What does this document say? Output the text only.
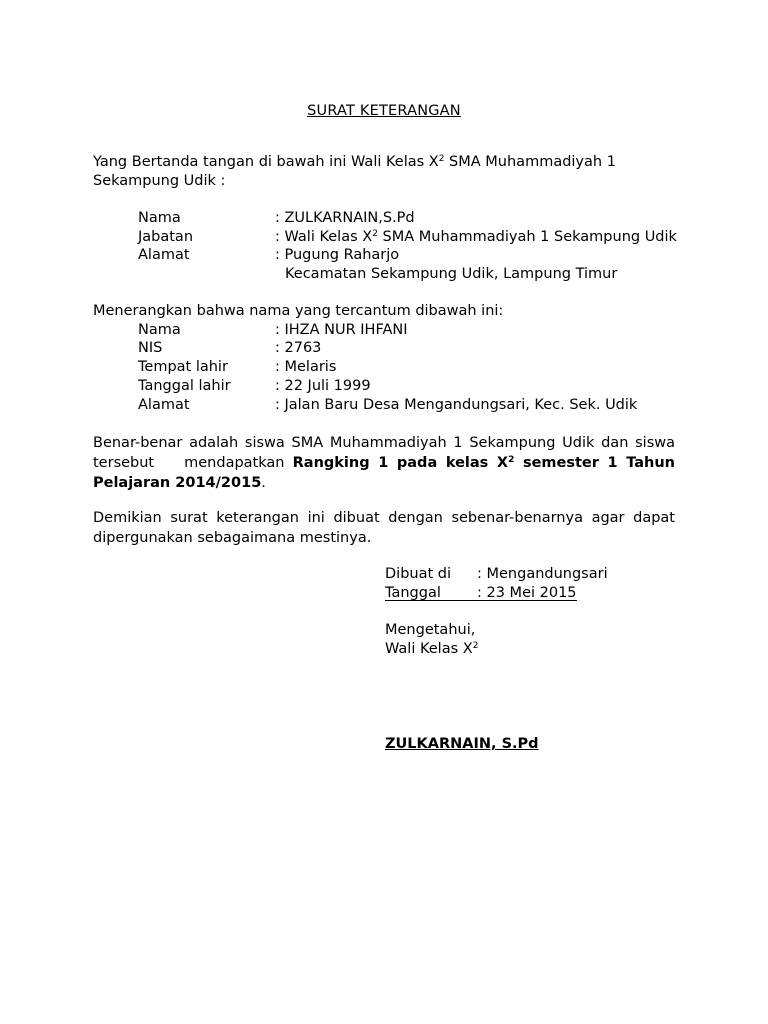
SURAT KETERANGAN
Yang Bertanda tangan di bawah ini Wali Kelas $X^2$ SMA Muhammadiyah 1
Sekampung Udik :
Nama	: ZULKARNAIN,S.Pd
Jabatan	: Wali Kelas $X^2$ SMA Muhammadiyah 1 Sekampung Udik
Alamat	: Pugung Raharjo
Kecamatan Sekampung Udik, Lampung Timur
Menerangkan bahwa nama yang tercantum dibawah ini:
Nama	: IHZA NUR IHFANI
NIS	: 2763
Tempat lahir	: Melaris
Tanggal lahir	: 22 Juli 1999
Alamat	: Jalan Baru Desa Mengandungsari, Kec. Sek. Udik
Benar-benar adalah siswa SMA Muhammadiyah 1 Sekampung Udik dan siswa tersebut mendapatkan Rangking 1 pada kelas $X^2$ semester 1 Tahun Pelajaran 2014/2015.
Demikian surat keterangan ini dibuat dengan sebenar-benarnya agar dapat dipergunakan sebagaimana mestinya.
Dibuat di : Mengandungsari
Tanggal : 23 Mei 2015
Mengetahui,
Wali Kelas $X^2$
ZULKARNAIN, S.Pd
